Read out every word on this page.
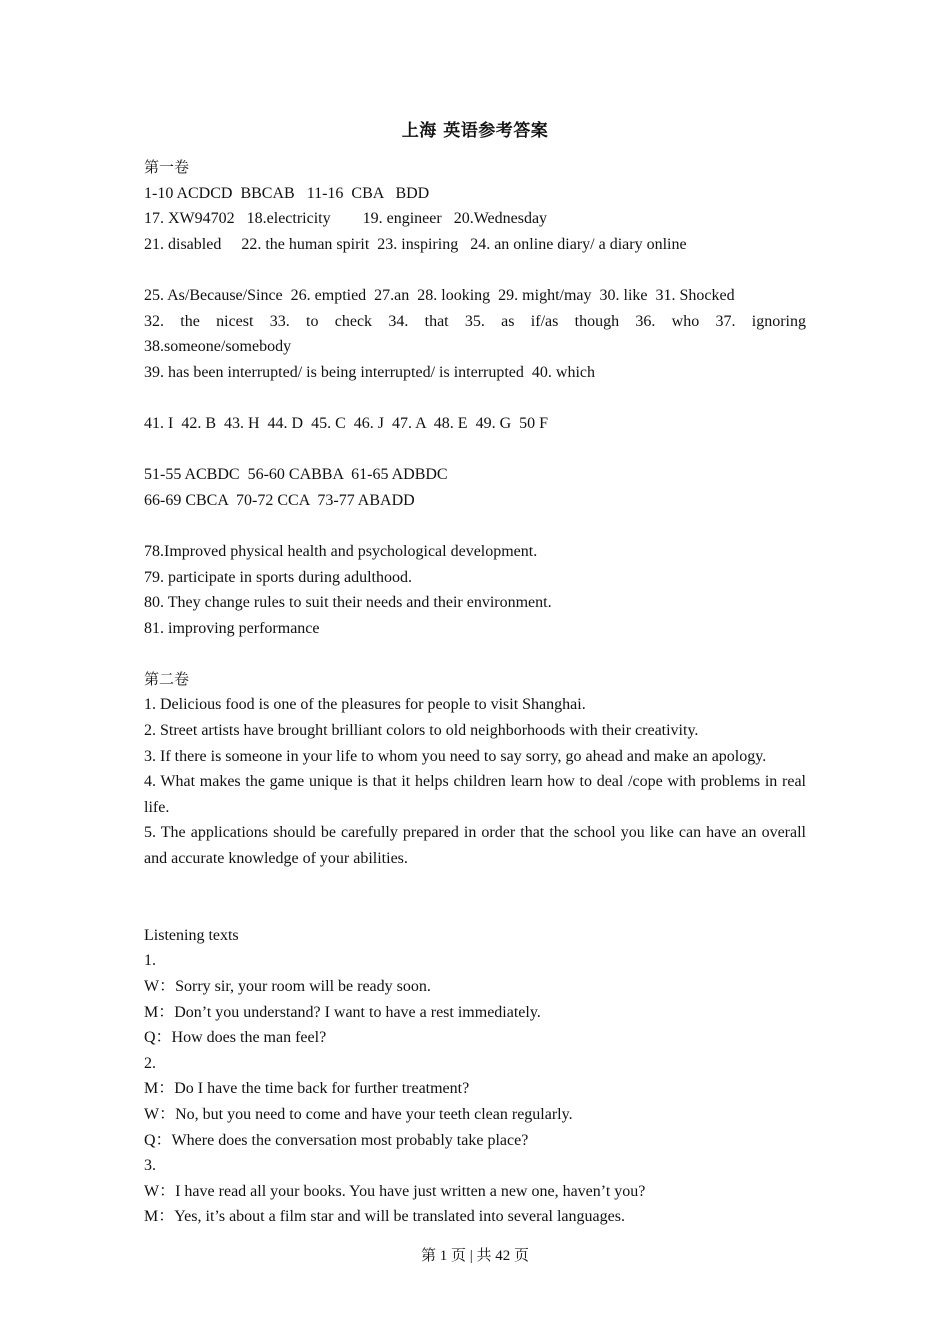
上海 英语参考答案
第一卷
1-10 ACDCD  BBCAB   11-16  CBA   BDD
17. XW94702   18.electricity        19. engineer   20.Wednesday
21. disabled     22. the human spirit  23. inspiring   24. an online diary/ a diary online
25. As/Because/Since  26. emptied  27.an  28. looking  29. might/may  30. like  31. Shocked
32. the nicest 33. to check 34. that 35. as if/as though 36. who 37. ignoring
38.someone/somebody
39. has been interrupted/ is being interrupted/ is interrupted  40. which
41. I  42. B  43. H  44. D  45. C  46. J  47. A  48. E  49. G  50 F
51-55 ACBDC  56-60 CABBA  61-65 ADBDC
66-69 CBCA  70-72 CCA  73-77 ABADD
78.Improved physical health and psychological development.
79. participate in sports during adulthood.
80. They change rules to suit their needs and their environment.
81. improving performance
第二卷
1. Delicious food is one of the pleasures for people to visit Shanghai.
2. Street artists have brought brilliant colors to old neighborhoods with their creativity.
3. If there is someone in your life to whom you need to say sorry, go ahead and make an apology.
4. What makes the game unique is that it helps children learn how to deal /cope with problems in real life.
5. The applications should be carefully prepared in order that the school you like can have an overall and accurate knowledge of your abilities.
Listening texts
1.
W：Sorry sir, your room will be ready soon.
M：Don’t you understand? I want to have a rest immediately.
Q：How does the man feel?
2.
M：Do I have the time back for further treatment?
W：No, but you need to come and have your teeth clean regularly.
Q：Where does the conversation most probably take place?
3.
W：I have read all your books. You have just written a new one, haven’t you?
M：Yes, it’s about a film star and will be translated into several languages.
第 1 页 | 共 42 页
